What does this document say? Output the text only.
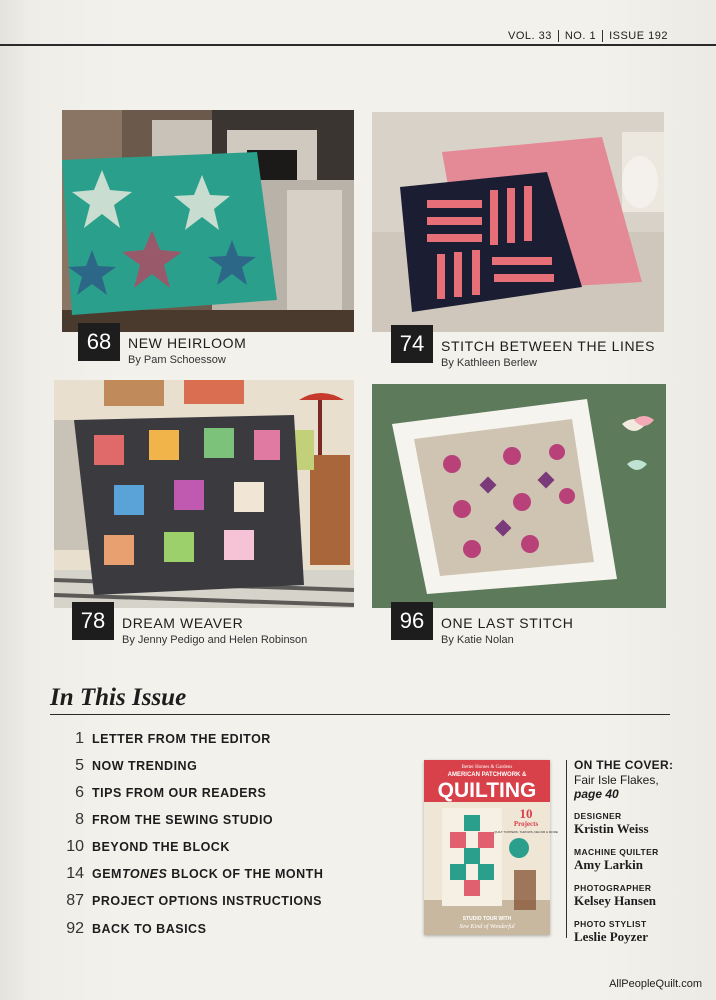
VOL. 33 NO. 1 ISSUE 192
68	NEW HEIRLOOM
By Pam Schoessow
74	STITCH BETWEEN THE LINES
By Kathleen Berlew
78	DREAM WEAVER
By Jenny Pedigo and Helen Robinson
96	ONE LAST STITCH
By Katie Nolan
In This Issue
1 LETTER FROM THE EDITOR
5 NOW TRENDING
6 TIPS FROM OUR READERS
8 FROM THE SEWING STUDIO
10 BEYOND THE BLOCK
14 GEMTONES BLOCK OF THE MONTH
87 PROJECT OPTIONS INSTRUCTIONS
92 BACK TO BASICS
Better Homes & Gardens
AMERICAN PATCHWORK &
QUILTING
10
Projects
QUILT TOPPERS, THROWS, DECOR & MORE
STUDIO TOUR WITH
Sew Kind of Wonderful
ON THE COVER:
Fair Isle Flakes,
page 40
DESIGNER
Kristin Weiss
MACHINE QUILTER
Amy Larkin
PHOTOGRAPHER
Kelsey Hansen
PHOTO STYLIST
Leslie Poyzer
AllPeopleQuilt.com
